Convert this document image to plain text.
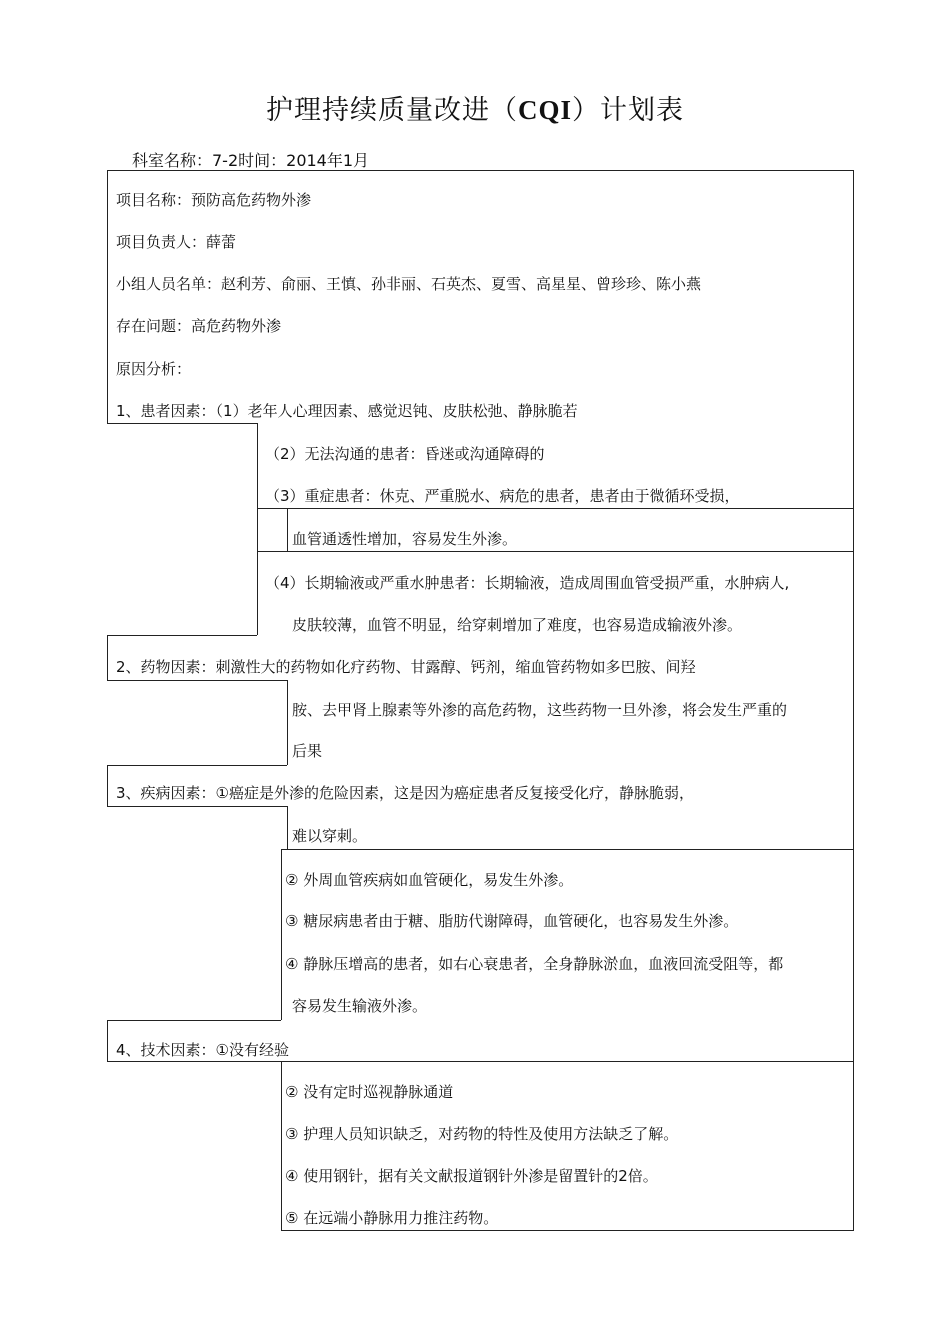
护理持续质量改进（CQI）计划表
科室名称：7-2时间：2014年1月
项目名称：预防高危药物外渗
项目负责人：薛蕾
小组人员名单：赵利芳、俞丽、王慎、孙非丽、石英杰、夏雪、高星星、曾珍珍、陈小燕
存在问题：高危药物外渗
原因分析：
1、患者因素：（1）老年人心理因素、感觉迟钝、皮肤松弛、静脉脆若
（2）无法沟通的患者：昏迷或沟通障碍的
（3）重症患者：休克、严重脱水、病危的患者，患者由于微循环受损，
血管通透性增加，容易发生外渗。
（4）长期输液或严重水肿患者：长期输液，造成周围血管受损严重，水肿病人,
皮肤较薄，血管不明显，给穿刺增加了难度，也容易造成输液外渗。
2、药物因素：刺激性大的药物如化疗药物、甘露醇、钙剂，缩血管药物如多巴胺、间羟
胺、去甲肾上腺素等外渗的高危药物，这些药物一旦外渗，将会发生严重的
后果
3、疾病因素：①癌症是外渗的危险因素，这是因为癌症患者反复接受化疗，静脉脆弱，
难以穿刺。
② 外周血管疾病如血管硬化，易发生外渗。
③ 糖尿病患者由于糖、脂肪代谢障碍，血管硬化，也容易发生外渗。
④ 静脉压增高的患者，如右心衰患者，全身静脉淤血，血液回流受阻等，都
容易发生输液外渗。
4、技术因素：①没有经验
② 没有定时巡视静脉通道
③ 护理人员知识缺乏，对药物的特性及使用方法缺乏了解。
④ 使用钢针，据有关文献报道钢针外渗是留置针的2倍。
⑤ 在远端小静脉用力推注药物。
